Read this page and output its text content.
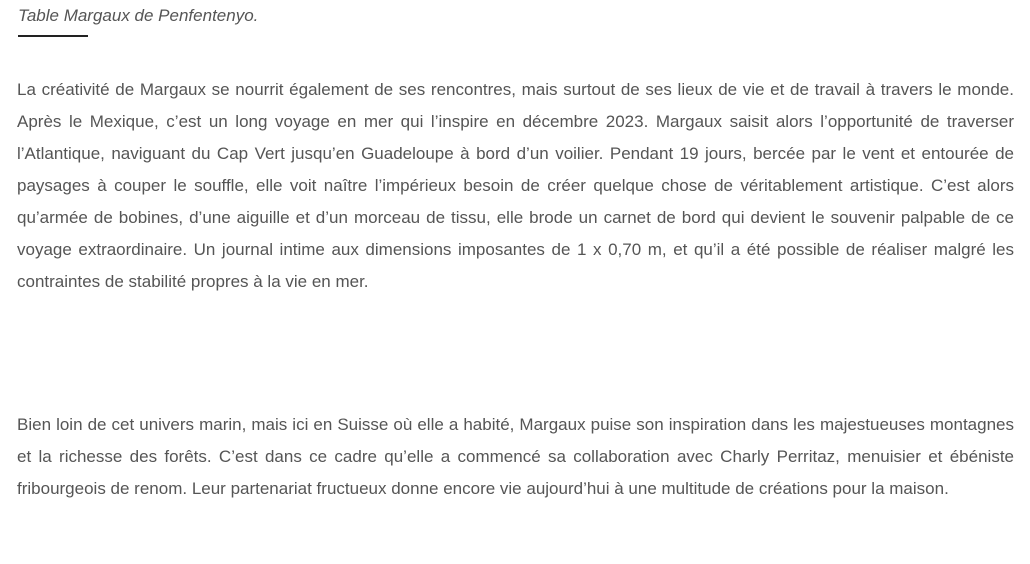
Table Margaux de Penfentenyo.

La créativité de Margaux se nourrit également de ses rencontres, mais surtout de ses lieux de vie et de travail à travers le monde. Après le Mexique, c’est un long voyage en mer qui l’inspire en décembre 2023. Margaux saisit alors l’opportunité de traverser l’Atlantique, naviguant du Cap Vert jusqu’en Guadeloupe à bord d’un voilier. Pendant 19 jours, bercée par le vent et entourée de paysages à couper le souffle, elle voit naître l’impérieux besoin de créer quelque chose de véritablement artistique. C’est alors qu’armée de bobines, d’une aiguille et d’un morceau de tissu, elle brode un carnet de bord qui devient le souvenir palpable de ce voyage extraordinaire. Un journal intime aux dimensions imposantes de 1 x 0,70 m, et qu’il a été possible de réaliser malgré les contraintes de stabilité propres à la vie en mer.

Bien loin de cet univers marin, mais ici en Suisse où elle a habité, Margaux puise son inspiration dans les majestueuses montagnes et la richesse des forêts. C’est dans ce cadre qu’elle a commencé sa collaboration avec Charly Perritaz, menuisier et ébéniste fribourgeois de renom. Leur partenariat fructueux donne encore vie aujourd’hui à une multitude de créations pour la maison.
